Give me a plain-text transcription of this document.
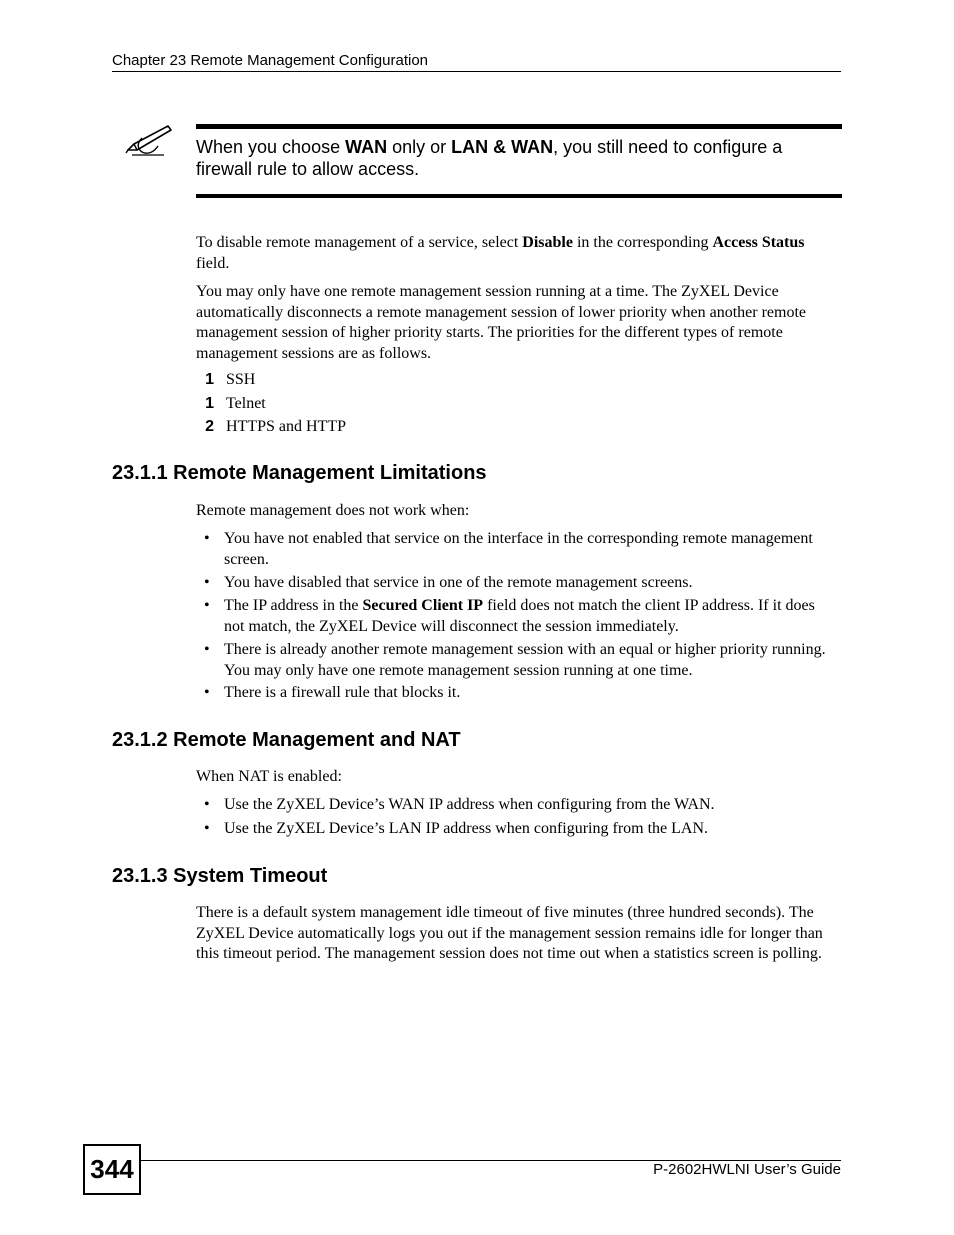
Chapter 23 Remote Management Configuration
When you choose WAN only or LAN & WAN, you still need to configure a firewall rule to allow access.
To disable remote management of a service, select Disable in the corresponding Access Status field.
You may only have one remote management session running at a time. The ZyXEL Device automatically disconnects a remote management session of lower priority when another remote management session of higher priority starts. The priorities for the different types of remote management sessions are as follows.
1 SSH
1 Telnet
2 HTTPS and HTTP
23.1.1 Remote Management Limitations
Remote management does not work when:
• You have not enabled that service on the interface in the corresponding remote management screen.
• You have disabled that service in one of the remote management screens.
• The IP address in the Secured Client IP field does not match the client IP address. If it does not match, the ZyXEL Device will disconnect the session immediately.
• There is already another remote management session with an equal or higher priority running. You may only have one remote management session running at one time.
• There is a firewall rule that blocks it.
23.1.2 Remote Management and NAT
When NAT is enabled:
• Use the ZyXEL Device’s WAN IP address when configuring from the WAN.
• Use the ZyXEL Device’s LAN IP address when configuring from the LAN.
23.1.3 System Timeout
There is a default system management idle timeout of five minutes (three hundred seconds). The ZyXEL Device automatically logs you out if the management session remains idle for longer than this timeout period. The management session does not time out when a statistics screen is polling.
344	P-2602HWLNI User’s Guide
